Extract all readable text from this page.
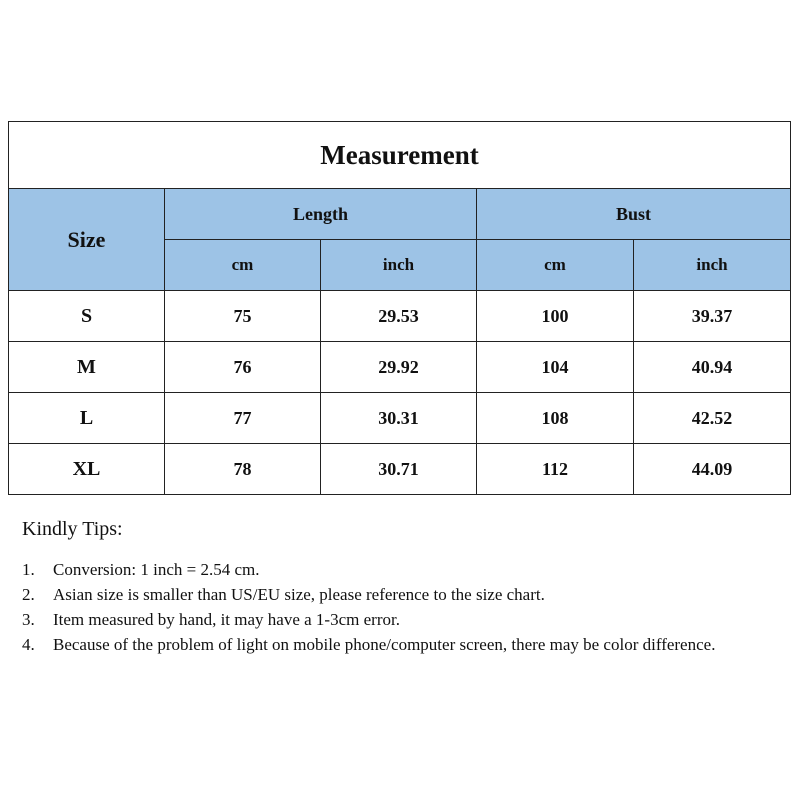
Measurement				
Size	Length		Bust	
	cm	inch	cm	inch
S	75	29.53	100	39.37
M	76	29.92	104	40.94
L	77	30.31	108	42.52
XL	78	30.71	112	44.09
Kindly Tips:
1. Conversion: 1 inch = 2.54 cm.
2. Asian size is smaller than US/EU size, please reference to the size chart.
3. Item measured by hand, it may have a 1-3cm error.
4. Because of the problem of light on mobile phone/computer screen, there may be color difference.
